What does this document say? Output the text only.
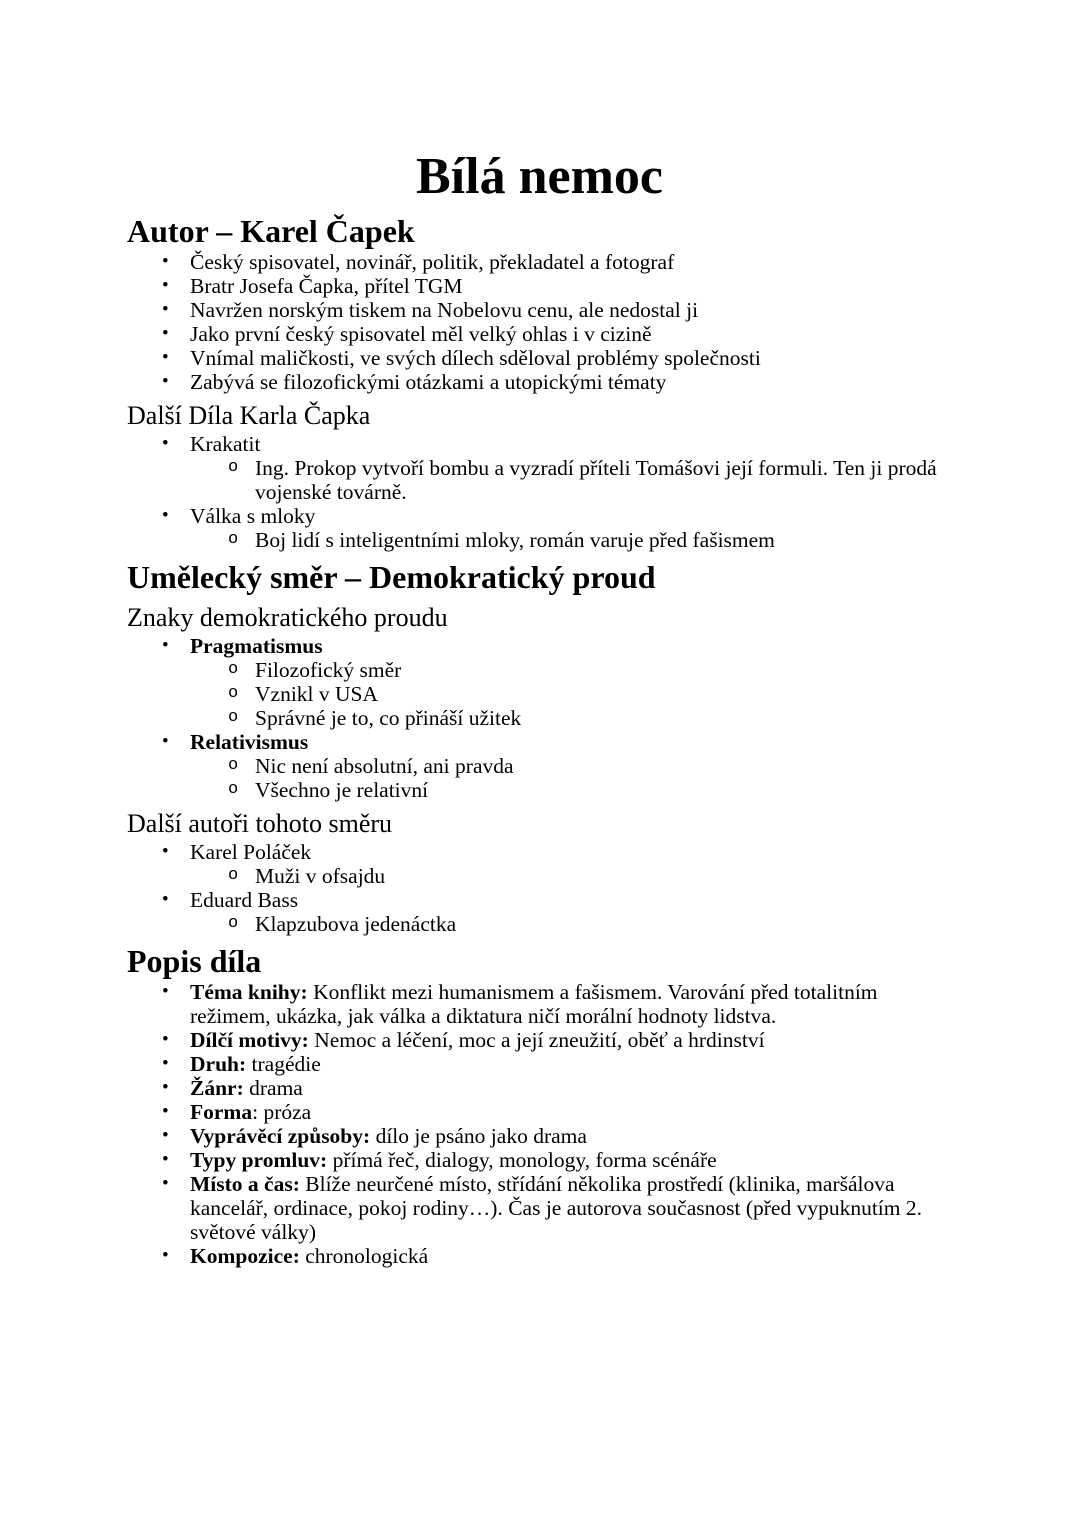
Bílá nemoc
Autor – Karel Čapek
• Český spisovatel, novinář, politik, překladatel a fotograf
• Bratr Josefa Čapka, přítel TGM
• Navržen norským tiskem na Nobelovu cenu, ale nedostal ji
• Jako první český spisovatel měl velký ohlas i v cizině
• Vnímal maličkosti, ve svých dílech sděloval problémy společnosti
• Zabývá se filozofickými otázkami a utopickými tématy
Další Díla Karla Čapka
• Krakatit
o Ing. Prokop vytvoří bombu a vyzradí příteli Tomášovi její formuli. Ten ji prodá vojenské továrně.
• Válka s mloky
o Boj lidí s inteligentními mloky, román varuje před fašismem
Umělecký směr – Demokratický proud
Znaky demokratického proudu
• Pragmatismus
o Filozofický směr
o Vznikl v USA
o Správné je to, co přináší užitek
• Relativismus
o Nic není absolutní, ani pravda
o Všechno je relativní
Další autoři tohoto směru
• Karel Poláček
o Muži v ofsajdu
• Eduard Bass
o Klapzubova jedenáctka
Popis díla
• Téma knihy: Konflikt mezi humanismem a fašismem. Varování před totalitním režimem, ukázka, jak válka a diktatura ničí morální hodnoty lidstva.
• Dílčí motivy: Nemoc a léčení, moc a její zneužití, oběť a hrdinství
• Druh: tragédie
• Žánr: drama
• Forma: próza
• Vyprávěcí způsoby: dílo je psáno jako drama
• Typy promluv: přímá řeč, dialogy, monology, forma scénáře
• Místo a čas: Blíže neurčené místo, střídání několika prostředí (klinika, maršálova kancelář, ordinace, pokoj rodiny…). Čas je autorova současnost (před vypuknutím 2. světové války)
• Kompozice: chronologická
